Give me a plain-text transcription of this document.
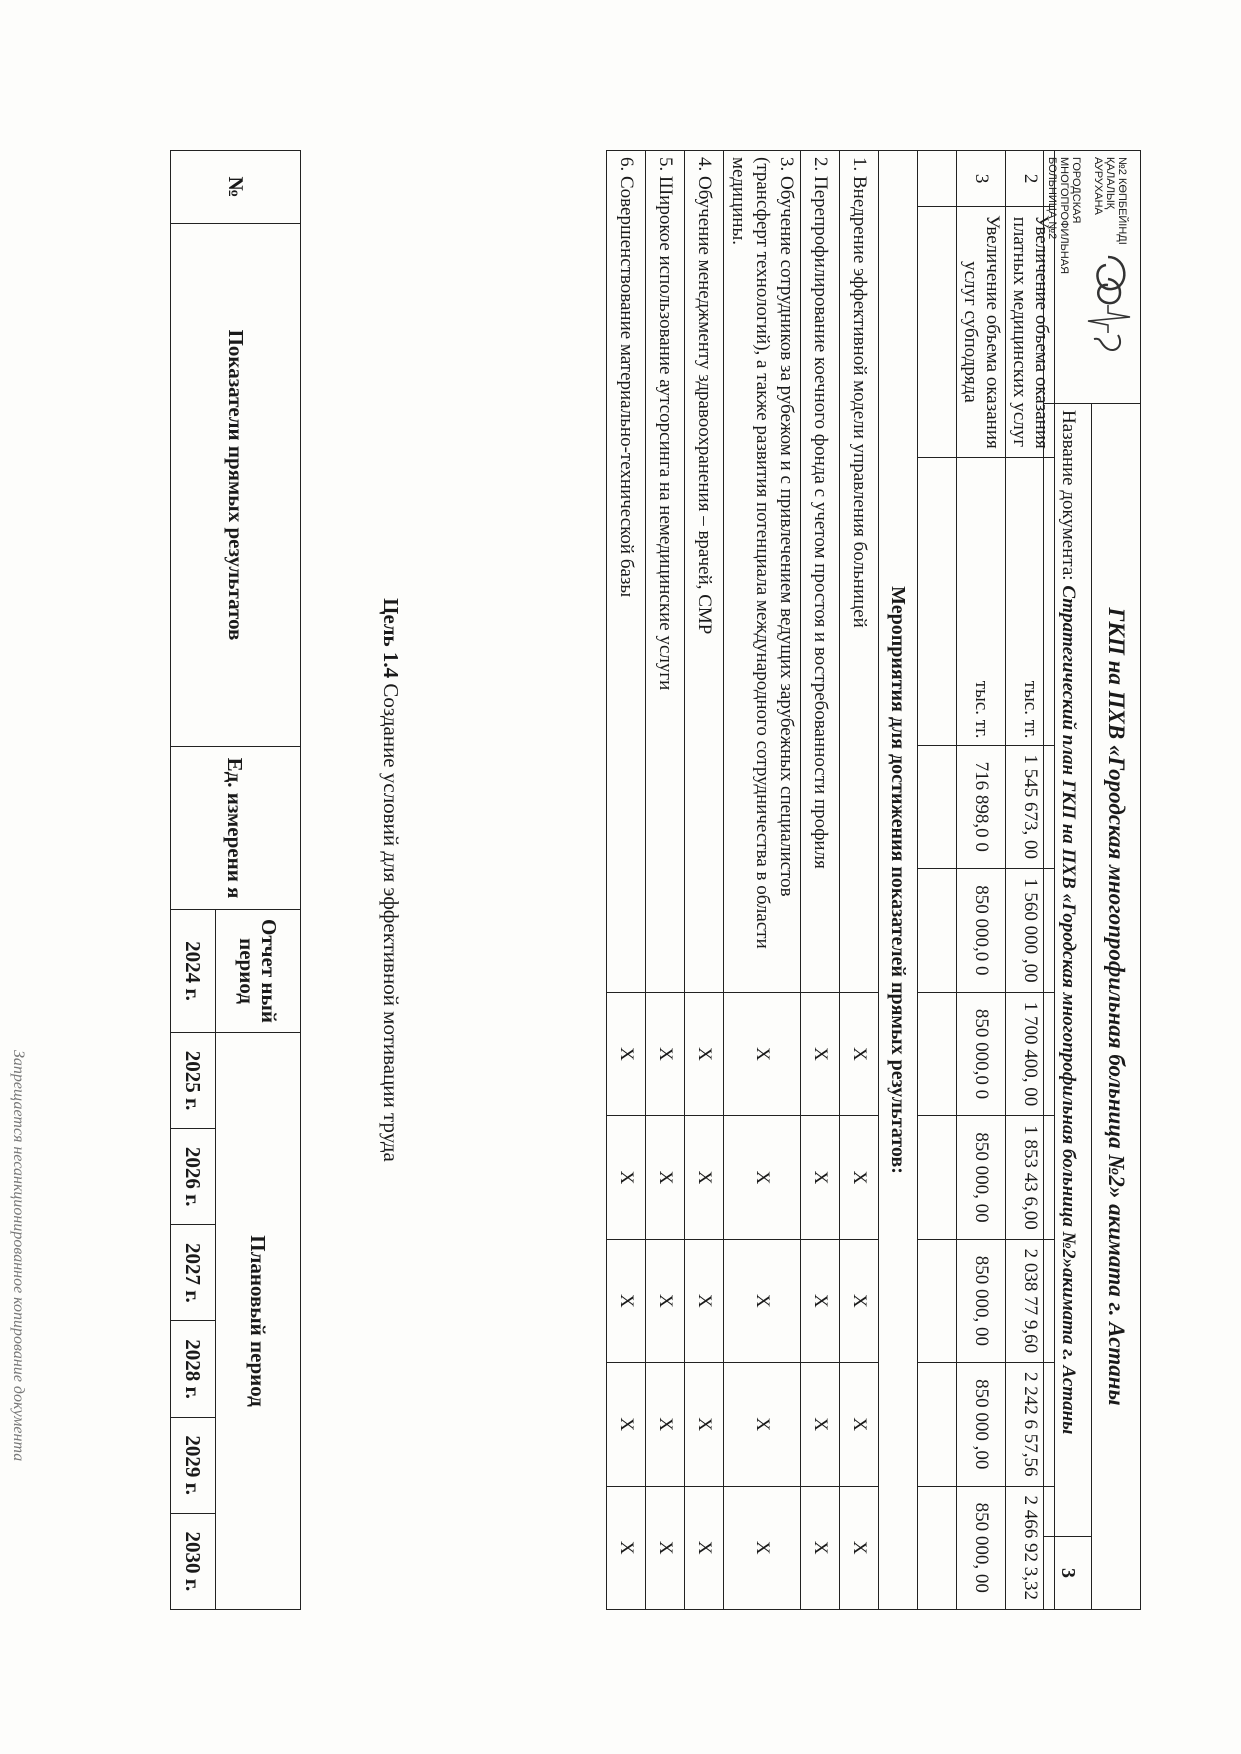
№2 КӨПБЕЙІНДІ
ҚАЛАЛЫҚ
АУРУХАНА  ГОРОДСКАЯ
МНОГОПРОФИЛЬНАЯ
БОЛЬНИЦА №2	ГКП на ПХВ «Городская многопрофильная больница №2» акимата г. Астаны	
	Название документа: Стратегический план ГКП на ПХВ «Городская многопрофильная больница №2»акимата г. Астаны	3
2	Увеличение объема оказания платных медицинских услуг	тыс. тг.	1 545 673, 00	1 560 000 ,00	1 700 400, 00	1 853 43 6,00	2 038 77 9,60	2 242 6 57,56	2 466 92 3,32
3	Увеличение объема оказания услуг субподряда	тыс. тг.	716 898,0 0	850 000,0 0	850 000,0 0	850 000, 00	850 000, 00	850 000 ,00	850 000, 00

Мероприятия для достижения показателей прямых результатов:									
1. Внедрение эффективной модели управления больницей					X	X	X	X	X
2. Перепрофилирование коечного фонда с учетом простоя и востребованности профиля					X	X	X	X	X
3. Обучение сотрудников за рубежом и с привлечением ведущих зарубежных специалистов (трансферт технологий), а также развития потенциала международного сотрудничества в области медицины.					X	X	X	X	X
4. Обучение менеджменту здравоохранения – врачей, СМР					X	X	X	X	X
5. Широкое использование аутсорсинга на немедицинские услуги					X	X	X	X	X
6. Совершенствование материально-технической базы					X	X	X	X	X
Цель 1.4 Создание условий для эффективной мотивации труда
№	Показатели прямых результатов	Ед. измерени я	Отчет ный период	Плановый период					
			2024 г.	2025 г.	2026 г.	2027 г.	2028 г.	2029 г.	2030 г.
Запрещается несанкционированное копирование документа
